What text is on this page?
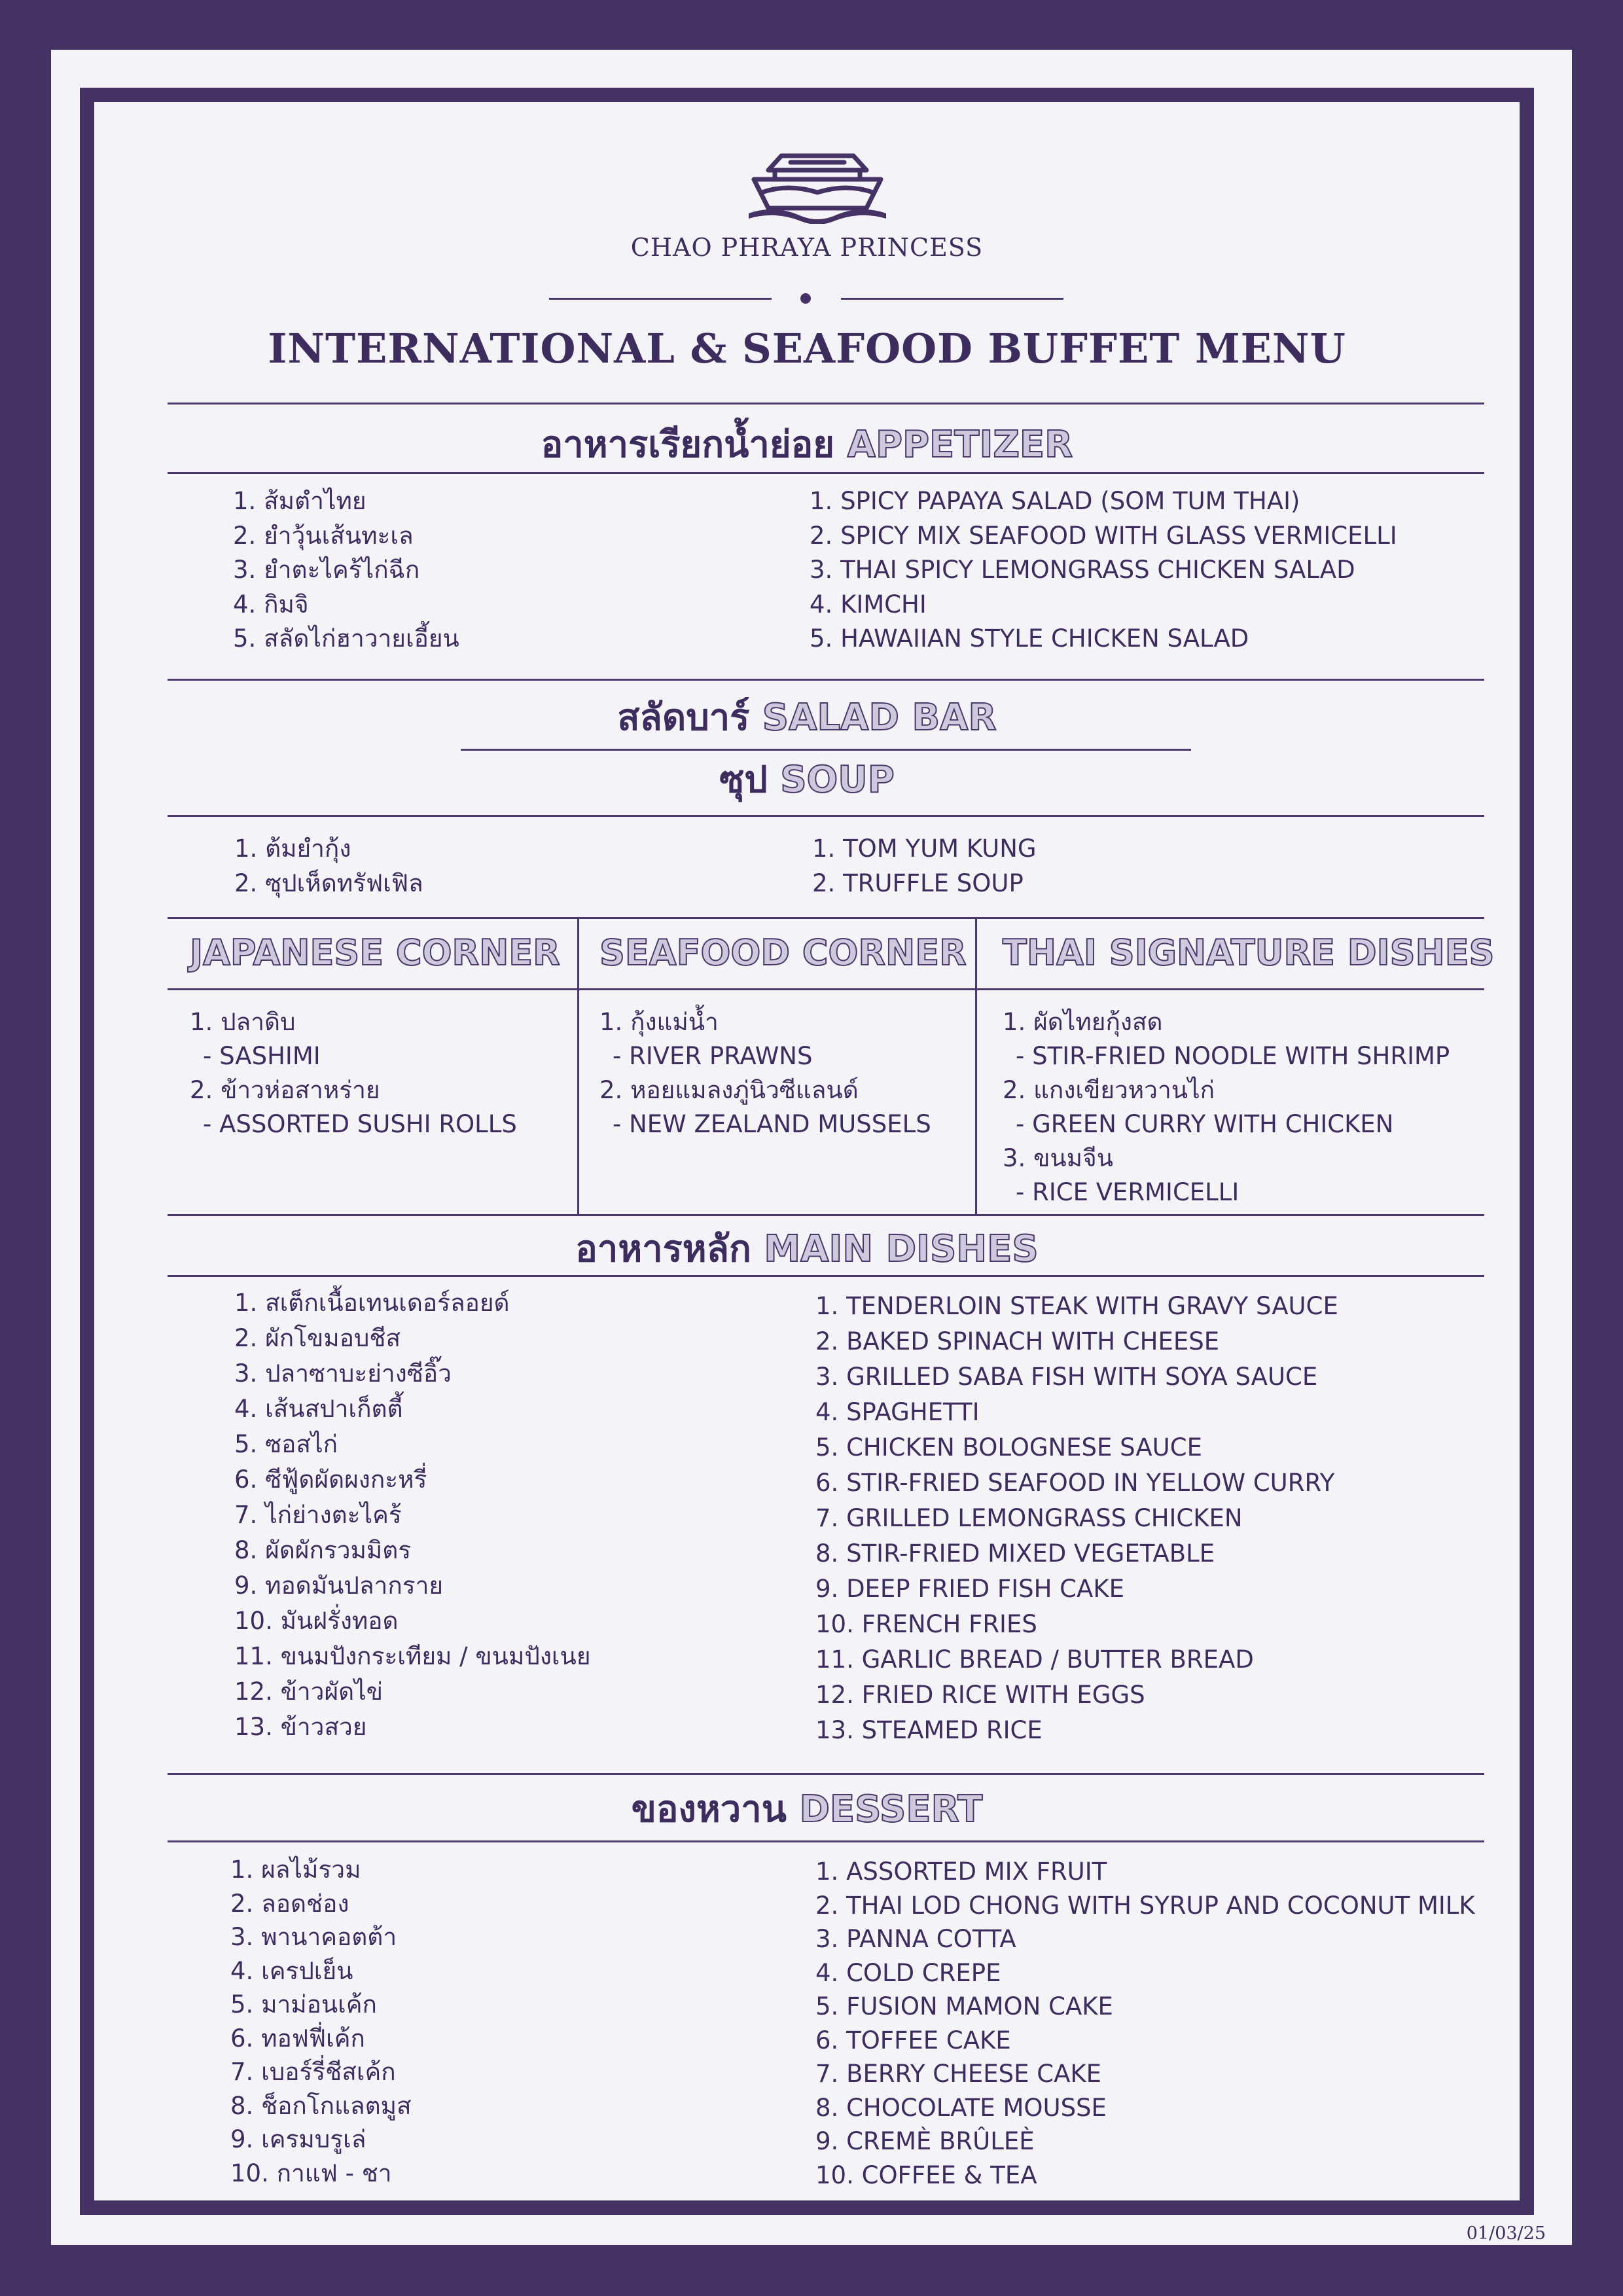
CHAO PHRAYA PRINCESS
INTERNATIONAL & SEAFOOD BUFFET MENU
อาหารเรียกน้ำย่อย APPETIZER
1. ส้มตำไทย
2. ยำวุ้นเส้นทะเล
3. ยำตะไคร้ไก่ฉีก
4. กิมจิ
5. สลัดไก่ฮาวายเอี้ยน
1. SPICY PAPAYA SALAD (SOM TUM THAI)
2. SPICY MIX SEAFOOD WITH GLASS VERMICELLI
3. THAI SPICY LEMONGRASS CHICKEN SALAD
4. KIMCHI
5. HAWAIIAN STYLE CHICKEN SALAD
สลัดบาร์ SALAD BAR
ซุป SOUP
1. ต้มยำกุ้ง
2. ซุปเห็ดทรัฟเฟิล
1. TOM YUM KUNG
2. TRUFFLE SOUP
JAPANESE CORNER SEAFOOD CORNER THAI SIGNATURE DISHES
1. ปลาดิบ
- SASHIMI
2. ข้าวห่อสาหร่าย
- ASSORTED SUSHI ROLLS
1. กุ้งแม่น้ำ
- RIVER PRAWNS
2. หอยแมลงภู่นิวซีแลนด์
- NEW ZEALAND MUSSELS
1. ผัดไทยกุ้งสด
- STIR-FRIED NOODLE WITH SHRIMP
2. แกงเขียวหวานไก่
- GREEN CURRY WITH CHICKEN
3. ขนมจีน
- RICE VERMICELLI
อาหารหลัก MAIN DISHES
1. สเต็กเนื้อเทนเดอร์ลอยด์
2. ผักโขมอบชีส
3. ปลาซาบะย่างซีอิ๊ว
4. เส้นสปาเก็ตตี้
5. ซอสไก่
6. ซีฟู้ดผัดผงกะหรี่
7. ไก่ย่างตะไคร้
8. ผัดผักรวมมิตร
9. ทอดมันปลากราย
10. มันฝรั่งทอด
11. ขนมปังกระเทียม / ขนมปังเนย
12. ข้าวผัดไข่
13. ข้าวสวย
1. TENDERLOIN STEAK WITH GRAVY SAUCE
2. BAKED SPINACH WITH CHEESE
3. GRILLED SABA FISH WITH SOYA SAUCE
4. SPAGHETTI
5. CHICKEN BOLOGNESE SAUCE
6. STIR-FRIED SEAFOOD IN YELLOW CURRY
7. GRILLED LEMONGRASS CHICKEN
8. STIR-FRIED MIXED VEGETABLE
9. DEEP FRIED FISH CAKE
10. FRENCH FRIES
11. GARLIC BREAD / BUTTER BREAD
12. FRIED RICE WITH EGGS
13. STEAMED RICE
ของหวาน DESSERT
1. ผลไม้รวม
2. ลอดช่อง
3. พานาคอตต้า
4. เครปเย็น
5. มาม่อนเค้ก
6. ทอฟฟี่เค้ก
7. เบอร์รี่ชีสเค้ก
8. ช็อกโกแลตมูส
9. เครมบรูเล่
10. กาแฟ - ชา
1. ASSORTED MIX FRUIT
2. THAI LOD CHONG WITH SYRUP AND COCONUT MILK
3. PANNA COTTA
4. COLD CREPE
5. FUSION MAMON CAKE
6. TOFFEE CAKE
7. BERRY CHEESE CAKE
8. CHOCOLATE MOUSSE
9. CREMÈ BRÛLEÈ
10. COFFEE & TEA
01/03/25
